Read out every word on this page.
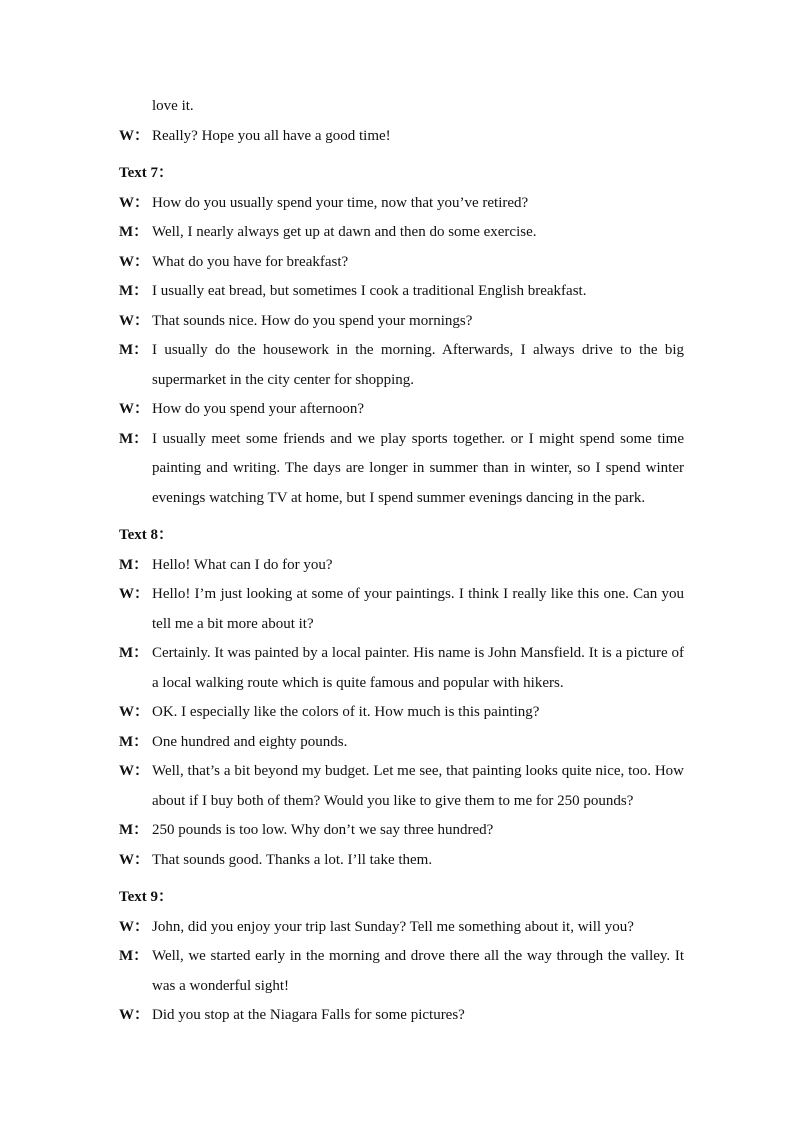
love it.
W： Really? Hope you all have a good time!
Text 7：
W： How do you usually spend your time, now that you’ve retired?
M： Well, I nearly always get up at dawn and then do some exercise.
W： What do you have for breakfast?
M： I usually eat bread, but sometimes I cook a traditional English breakfast.
W： That sounds nice. How do you spend your mornings?
M： I usually do the housework in the morning. Afterwards, I always drive to the big supermarket in the city center for shopping.
W： How do you spend your afternoon?
M： I usually meet some friends and we play sports together. or I might spend some time painting and writing. The days are longer in summer than in winter, so I spend winter evenings watching TV at home, but I spend summer evenings dancing in the park.
Text 8：
M： Hello! What can I do for you?
W： Hello! I’m just looking at some of your paintings. I think I really like this one. Can you tell me a bit more about it?
M： Certainly. It was painted by a local painter. His name is John Mansfield. It is a picture of a local walking route which is quite famous and popular with hikers.
W： OK. I especially like the colors of it. How much is this painting?
M： One hundred and eighty pounds.
W： Well, that’s a bit beyond my budget. Let me see, that painting looks quite nice, too. How about if I buy both of them? Would you like to give them to me for 250 pounds?
M： 250 pounds is too low. Why don’t we say three hundred?
W： That sounds good. Thanks a lot. I’ll take them.
Text 9：
W： John, did you enjoy your trip last Sunday? Tell me something about it, will you?
M： Well, we started early in the morning and drove there all the way through the valley. It was a wonderful sight!
W： Did you stop at the Niagara Falls for some pictures?
